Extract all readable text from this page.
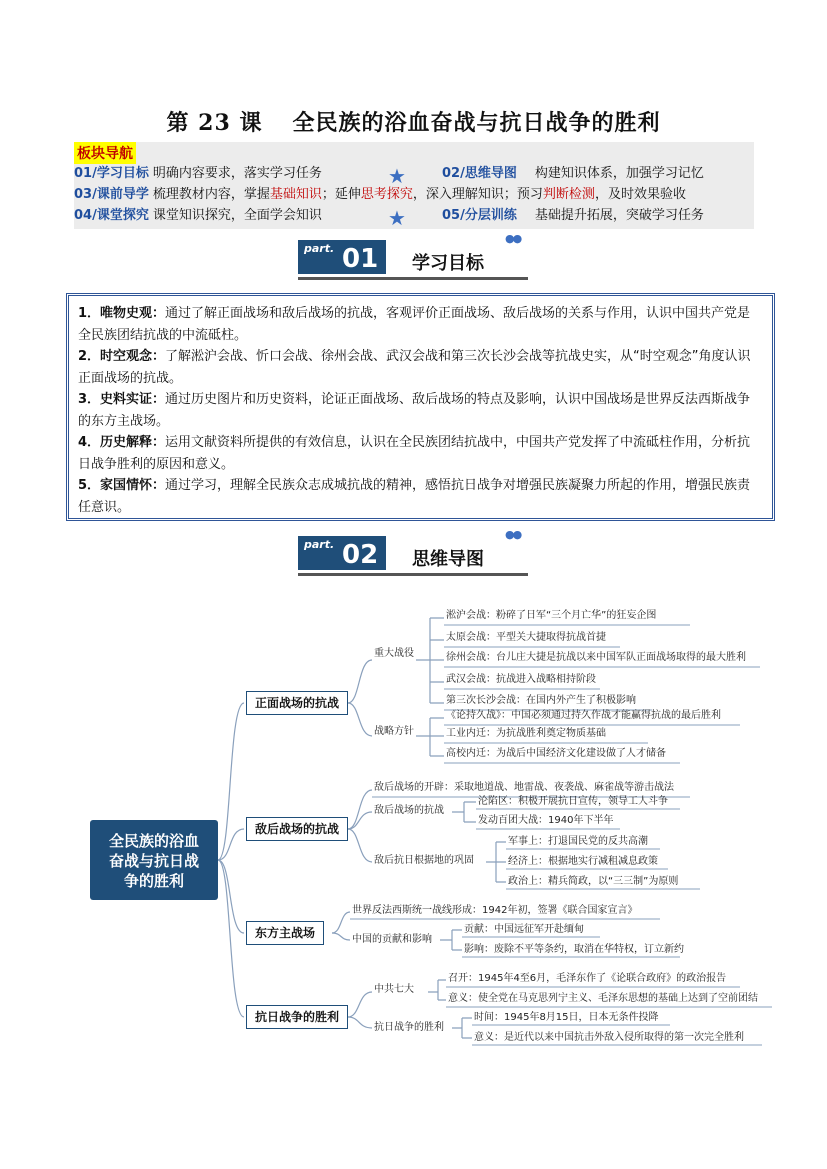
第 23 课 全民族的浴血奋战与抗日战争的胜利
板块导航
01/学习目标 明确内容要求，落实学习任务	★	02/思维导图 构建知识体系，加强学习记忆
03/课前导学 梳理教材内容，掌握基础知识；延伸思考探究，深入理解知识；预习判断检测，及时效果验收
04/课堂探究 课堂知识探究，全面学会知识	★	05/分层训练 基础提升拓展，突破学习任务
part. 01 学习目标
●●

1．唯物史观：通过了解正面战场和敌后战场的抗战，客观评价正面战场、敌后战场的关系与作用，认识中国共产党是全民族团结抗战的中流砥柱。

2．时空观念：了解淞沪会战、忻口会战、徐州会战、武汉会战和第三次长沙会战等抗战史实，从“时空观念”角度认识正面战场的抗战。

3．史料实证：通过历史图片和历史资料，论证正面战场、敌后战场的特点及影响，认识中国战场是世界反法西斯战争的东方主战场。

4．历史解释：运用文献资料所提供的有效信息，认识在全民族团结抗战中，中国共产党发挥了中流砥柱作用，分析抗日战争胜利的原因和意义。

5．家国情怀：通过学习，理解全民族众志成城抗战的精神，感悟抗日战争对增强民族凝聚力所起的作用，增强民族责任意识。

part. 02 思维导图
●●
全民族的浴血
奋战与抗日战
争的胜利
正面战场的抗战
敌后战场的抗战
东方主战场
抗日战争的胜利
重大战役
淞沪会战：粉碎了日军“三个月亡华”的狂妄企图
太原会战：平型关大捷取得抗战首捷
徐州会战：台儿庄大捷是抗战以来中国军队正面战场取得的最大胜利
武汉会战：抗战进入战略相持阶段
第三次长沙会战：在国内外产生了积极影响
战略方针
《论持久战》：中国必须通过持久作战才能赢得抗战的最后胜利
工业内迁：为抗战胜利奠定物质基础
高校内迁：为战后中国经济文化建设做了人才储备
敌后战场的开辟：采取地道战、地雷战、夜袭战、麻雀战等游击战法
敌后战场的抗战
沦陷区：积极开展抗日宣传，领导工人斗争
发动百团大战：1940年下半年
敌后抗日根据地的巩固
军事上：打退国民党的反共高潮
经济上：根据地实行减租减息政策
政治上：精兵简政，以“三三制”为原则
世界反法西斯统一战线形成：1942年初，签署《联合国家宣言》
中国的贡献和影响
贡献：中国远征军开赴缅甸
影响：废除不平等条约，取消在华特权，订立新约
中共七大
召开：1945年4至6月，毛泽东作了《论联合政府》的政治报告
意义：使全党在马克思列宁主义、毛泽东思想的基础上达到了空前团结
抗日战争的胜利
时间：1945年8月15日，日本无条件投降
意义：是近代以来中国抗击外敌入侵所取得的第一次完全胜利
